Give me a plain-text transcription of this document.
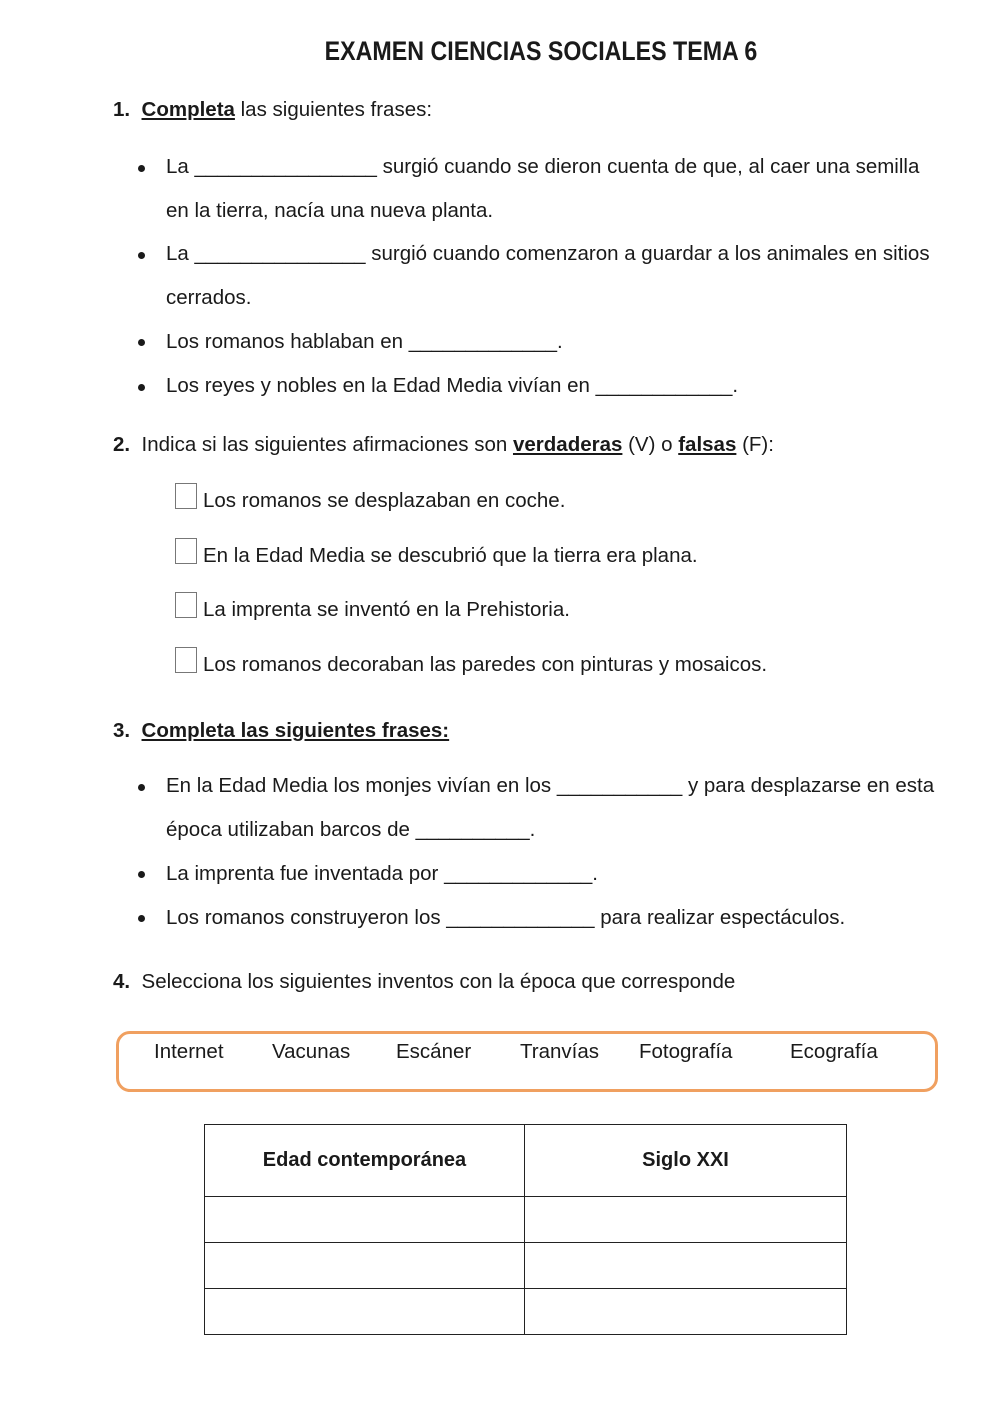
EXAMEN CIENCIAS SOCIALES TEMA 6
1. Completa las siguientes frases:
La ________________ surgió cuando se dieron cuenta de que, al caer una semilla
en la tierra, nacía una nueva planta.
La _______________ surgió cuando comenzaron a guardar a los animales en sitios
cerrados.
Los romanos hablaban en _____________.
Los reyes y nobles en la Edad Media vivían en ____________.
2. Indica si las siguientes afirmaciones son verdaderas (V) o falsas (F):
Los romanos se desplazaban en coche.
En la Edad Media se descubrió que la tierra era plana.
La imprenta se inventó en la Prehistoria.
Los romanos decoraban las paredes con pinturas y mosaicos.
3. Completa las siguientes frases:
En la Edad Media los monjes vivían en los ___________ y para desplazarse en esta
época utilizaban barcos de __________.
La imprenta fue inventada por _____________.
Los romanos construyeron los _____________ para realizar espectáculos.
4. Selecciona los siguientes inventos con la época que corresponde
Internet Vacunas Escáner Tranvías Fotografía	Ecografía
Edad contemporánea	Siglo XXI
